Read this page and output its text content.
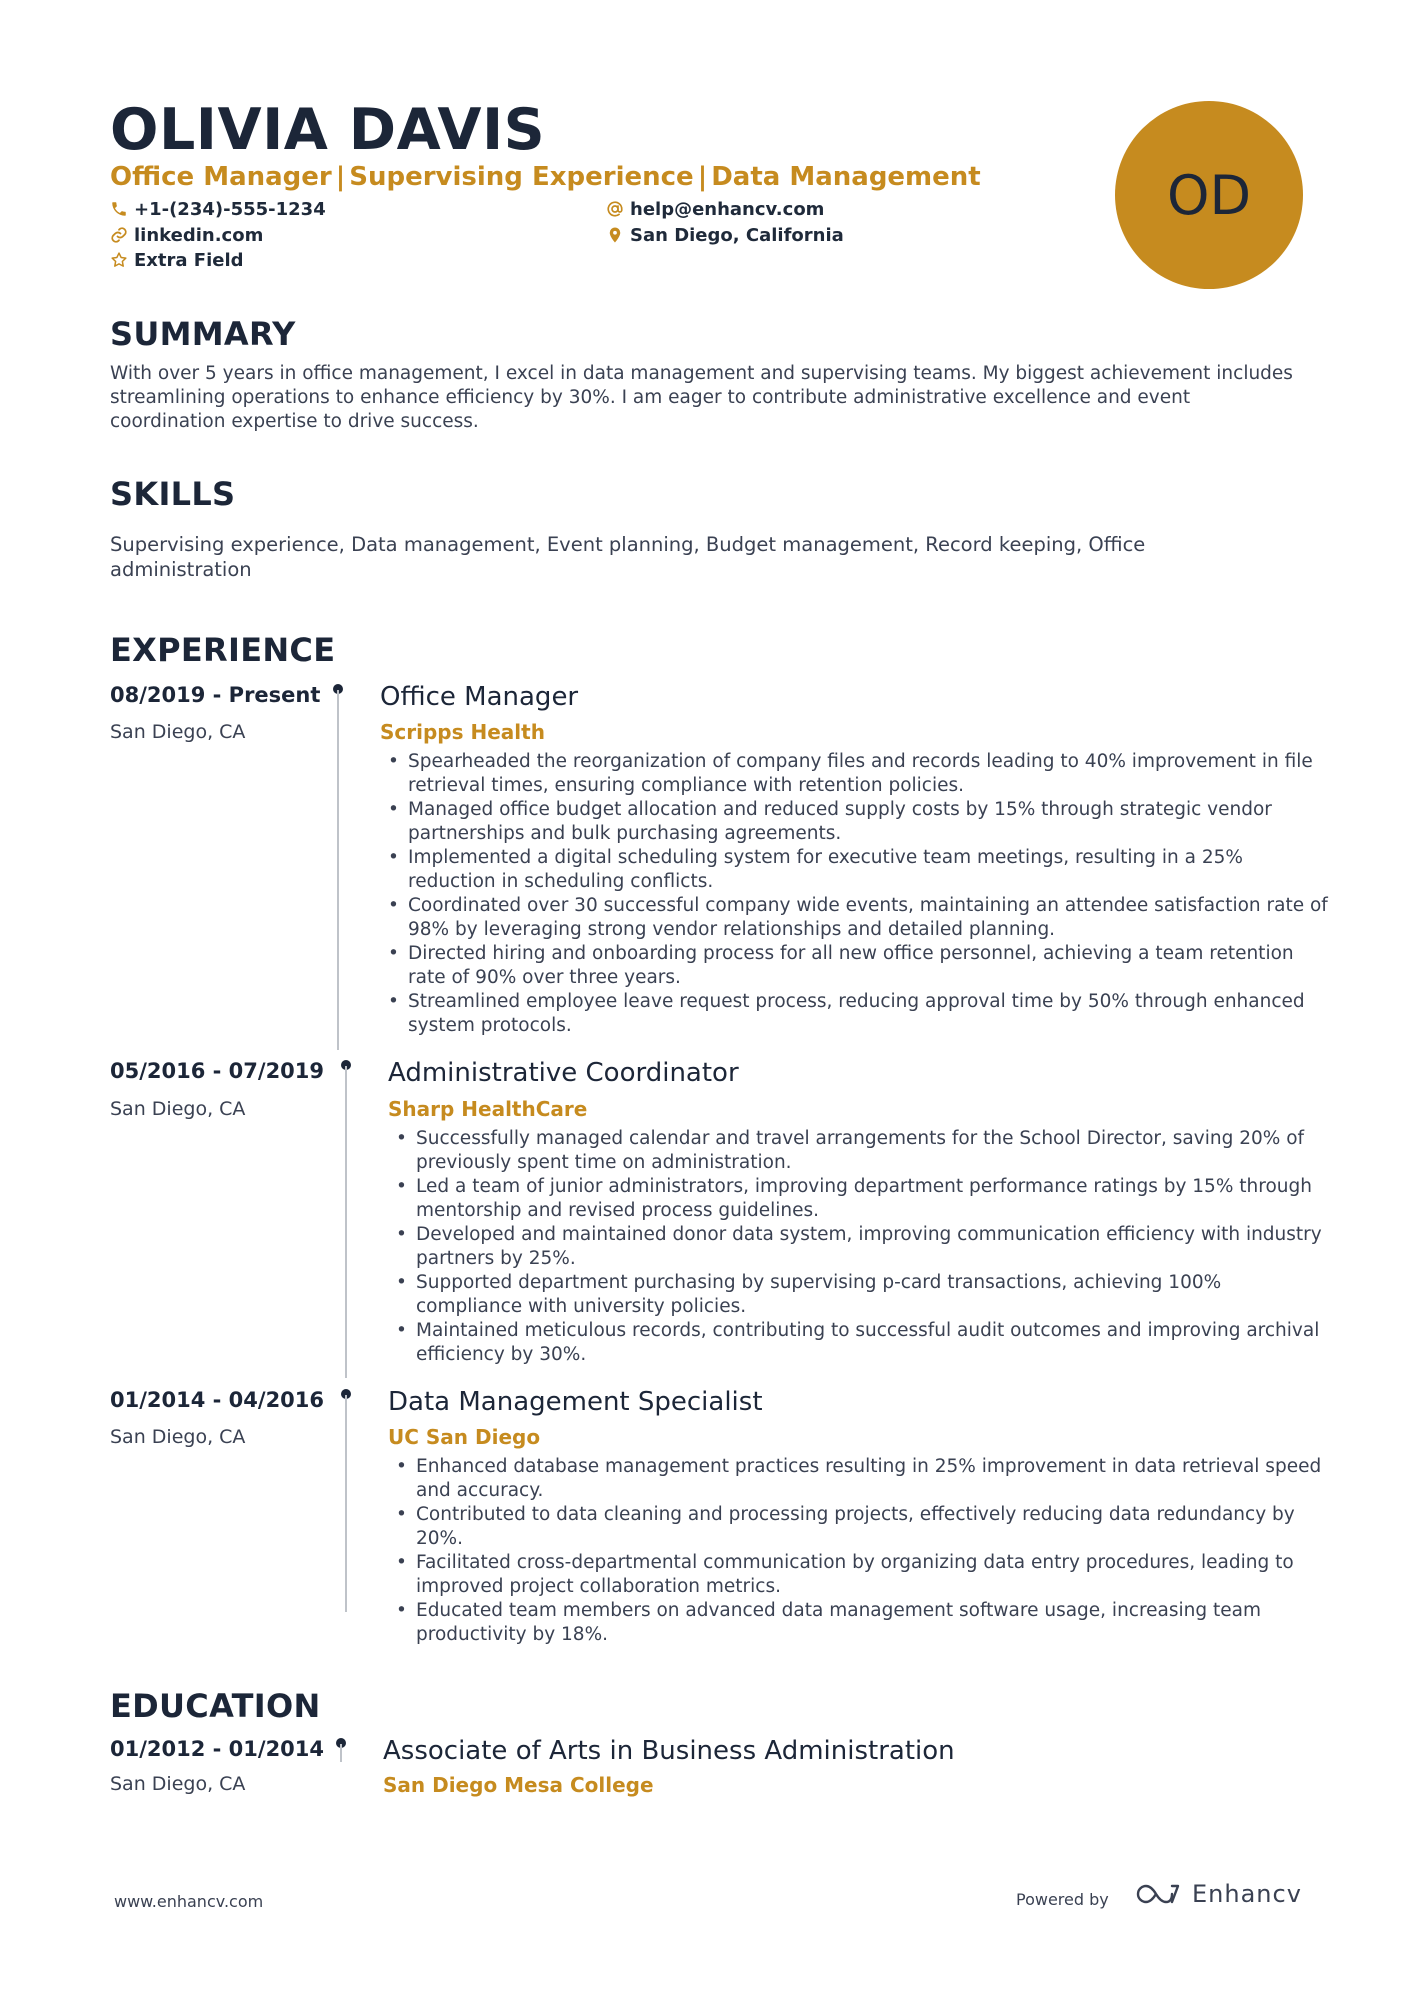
OLIVIA DAVIS
Office Manager | Supervising Experience | Data Management
+1-(234)-555-1234
linkedin.com
Extra Field
help@enhancv.com
San Diego, California
OD
SUMMARY

With over 5 years in office management, I excel in data management and supervising teams. My biggest achievement includes streamlining operations to enhance efficiency by 30%. I am eager to contribute administrative excellence and event coordination expertise to drive success.

SKILLS

Supervising experience, Data management, Event planning, Budget management, Record keeping, Office administration

EXPERIENCE
08/2019 - Present
San Diego, CA
Office Manager
Scripps Health
• Spearheaded the reorganization of company files and records leading to 40% improvement in file retrieval times, ensuring compliance with retention policies.
• Managed office budget allocation and reduced supply costs by 15% through strategic vendor partnerships and bulk purchasing agreements.
• Implemented a digital scheduling system for executive team meetings, resulting in a 25% reduction in scheduling conflicts.
• Coordinated over 30 successful company wide events, maintaining an attendee satisfaction rate of 98% by leveraging strong vendor relationships and detailed planning.
• Directed hiring and onboarding process for all new office personnel, achieving a team retention rate of 90% over three years.
• Streamlined employee leave request process, reducing approval time by 50% through enhanced system protocols.
05/2016 - 07/2019
San Diego, CA
Administrative Coordinator
Sharp HealthCare
• Successfully managed calendar and travel arrangements for the School Director, saving 20% of previously spent time on administration.
• Led a team of junior administrators, improving department performance ratings by 15% through mentorship and revised process guidelines.
• Developed and maintained donor data system, improving communication efficiency with industry partners by 25%.
• Supported department purchasing by supervising p-card transactions, achieving 100% compliance with university policies.
• Maintained meticulous records, contributing to successful audit outcomes and improving archival efficiency by 30%.
01/2014 - 04/2016
San Diego, CA
Data Management Specialist
UC San Diego
• Enhanced database management practices resulting in 25% improvement in data retrieval speed and accuracy.
• Contributed to data cleaning and processing projects, effectively reducing data redundancy by 20%.
• Facilitated cross-departmental communication by organizing data entry procedures, leading to improved project collaboration metrics.
• Educated team members on advanced data management software usage, increasing team productivity by 18%.
EDUCATION
01/2012 - 01/2014
San Diego, CA
Associate of Arts in Business Administration
San Diego Mesa College
www.enhancv.com	Powered by	Enhancv
